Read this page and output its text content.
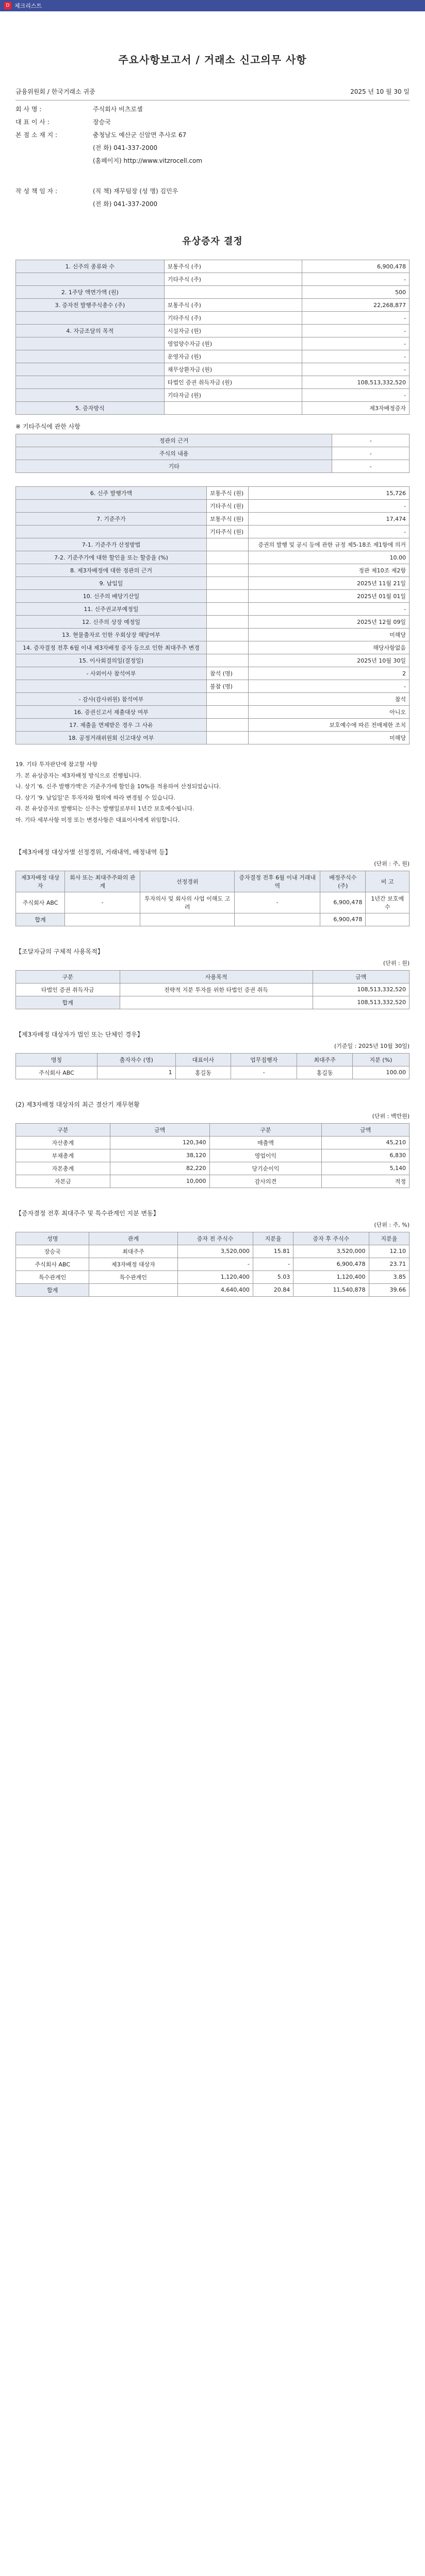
D 체크리스트
주요사항보고서 / 거래소 신고의무 사항
금융위원회 / 한국거래소 귀중	2025 년 10 월 30 일
회 사 명 :	주식회사 비츠로셀
대 표 이 사 :	장승국
본 점 소 재 지 :	충청남도 예산군 신암면 추사로 67
(전 화) 041-337-2000
(홈페이지) http://www.vitzrocell.com
작 성 책 임 자 :	(직 책) 재무팀장 (성 명) 김민우
(전 화) 041-337-2000
유상증자 결정
1. 신주의 종류와 수	보통주식 (주)	6,900,478
	기타주식 (주)	-
2. 1주당 액면가액 (원)		500
3. 증자전 발행주식총수 (주)	보통주식 (주)	22,268,877
	기타주식 (주)	-
4. 자금조달의 목적	시설자금 (원)	-
	영업양수자금 (원)	-
	운영자금 (원)	-
	채무상환자금 (원)	-
	타법인 증권 취득자금 (원)	108,513,332,520
	기타자금 (원)	-
5. 증자방식		제3자배정증자
※ 기타주식에 관한 사항
정관의 근거	-
주식의 내용	-
기타	-
6. 신주 발행가액	보통주식 (원)	15,726
	기타주식 (원)	-
7. 기준주가	보통주식 (원)	17,474
	기타주식 (원)	-
7-1. 기준주가 산정방법		증권의 발행 및 공시 등에 관한 규정 제5-18조 제1항에 의거
7-2. 기준주가에 대한 할인율 또는 할증율 (%)		10.00
8. 제3자배정에 대한 정관의 근거		정관 제10조 제2항
9. 납입일		2025년 11월 21일
10. 신주의 배당기산일		2025년 01월 01일
11. 신주권교부예정일		-
12. 신주의 상장 예정일		2025년 12월 09일
13. 현물출자로 인한 우회상장 해당여부		미해당
14. 증자결정 전후 6월 이내 제3자배정 증자 등으로 인한 최대주주 변경		해당사항없음
15. 이사회결의일(결정일)		2025년 10월 30일
- 사외이사 참석여부	참석 (명)	2
	불참 (명)	-
- 감사(감사위원) 참석여부		참석
16. 증권신고서 제출대상 여부		아니오
17. 제출을 면제받은 경우 그 사유		보호예수에 따른 전매제한 조치
18. 공정거래위원회 신고대상 여부		미해당
19. 기타 투자판단에 참고할 사항
가. 본 유상증자는 제3자배정 방식으로 진행됩니다.
나. 상기 '6. 신주 발행가액'은 기준주가에 할인율 10%를 적용하여 산정되었습니다.
다. 상기 '9. 납입일'은 투자자와 협의에 따라 변경될 수 있습니다.
라. 본 유상증자로 발행되는 신주는 발행일로부터 1년간 보호예수됩니다.
마. 기타 세부사항 미정 또는 변경사항은 대표이사에게 위임합니다.
【제3자배정 대상자별 선정경위, 거래내역, 배정내역 등】
(단위 : 주, 원)
제3자배정 대상자	회사 또는 최대주주와의 관계	선정경위	증자결정 전후 6월 이내 거래내역	배정주식수 (주)	비 고
주식회사 ABC	-	투자의사 및 회사의 사업 이해도 고려	-	6,900,478	1년간 보호예수
합계				6,900,478	
【조달자금의 구체적 사용목적】
(단위 : 원)
구분	사용목적	금액
타법인 증권 취득자금	전략적 지분 투자를 위한 타법인 증권 취득	108,513,332,520
합계		108,513,332,520
【제3자배정 대상자가 법인 또는 단체인 경우】
(기준일 : 2025년 10월 30일)
명칭	출자자수 (명)	대표이사	업무집행자	최대주주	지분 (%)
주식회사 ABC	1	홍길동	-	홍길동	100.00
(2) 제3자배정 대상자의 최근 결산기 재무현황
(단위 : 백만원)
구분	금액	구분	금액
자산총계	120,340	매출액	45,210
부채총계	38,120	영업이익	6,830
자본총계	82,220	당기순이익	5,140
자본금	10,000	감사의견	적정
【증자결정 전후 최대주주 및 특수관계인 지분 변동】
(단위 : 주, %)
성명	관계	증자 전 주식수	지분율	증자 후 주식수	지분율
장승국	최대주주	3,520,000	15.81	3,520,000	12.10
주식회사 ABC	제3자배정 대상자	-	-	6,900,478	23.71
특수관계인	특수관계인	1,120,400	5.03	1,120,400	3.85
합계		4,640,400	20.84	11,540,878	39.66
